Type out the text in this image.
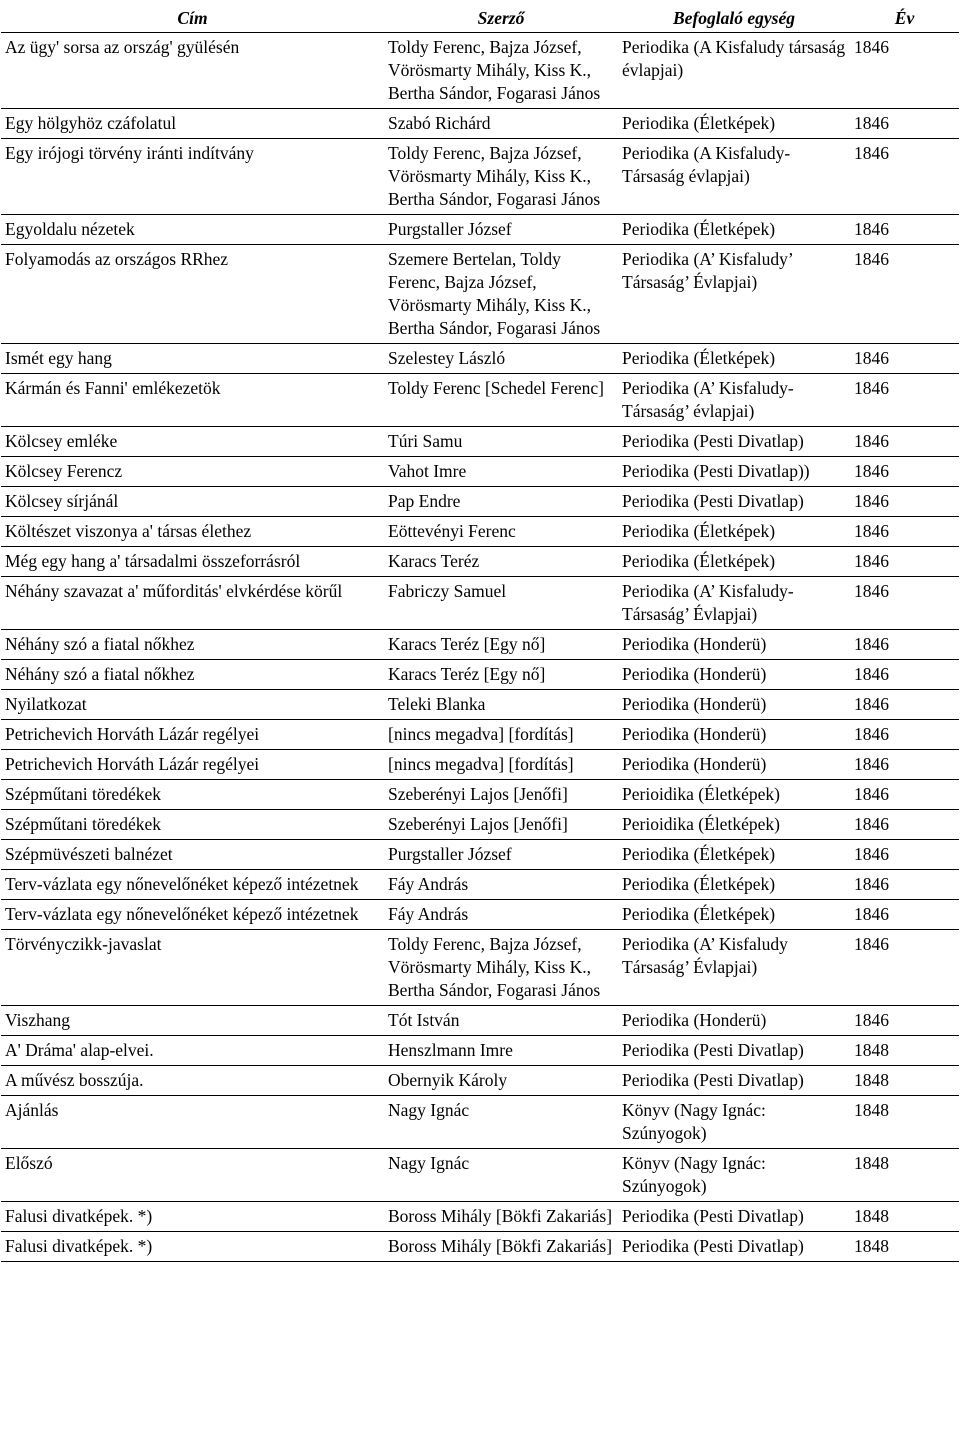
Cím	Szerző	Befoglaló egység	Év
Az ügy' sorsa az ország' gyülésén	Toldy Ferenc, Bajza József, Vörösmarty Mihály, Kiss K., Bertha Sándor, Fogarasi János	Periodika (A Kisfaludy társaság évlapjai)	1846
Egy hölgyhöz czáfolatul	Szabó Richárd	Periodika (Életképek)	1846
Egy irójogi törvény iránti indítvány	Toldy Ferenc, Bajza József, Vörösmarty Mihály, Kiss K., Bertha Sándor, Fogarasi János	Periodika (A Kisfaludy-Társaság évlapjai)	1846
Egyoldalu nézetek	Purgstaller József	Periodika (Életképek)	1846
Folyamodás az országos RRhez	Szemere Bertelan, Toldy Ferenc, Bajza József, Vörösmarty Mihály, Kiss K., Bertha Sándor, Fogarasi János	Periodika (A’ Kisfaludy’ Társaság’ Évlapjai)	1846
Ismét egy hang	Szelestey László	Periodika (Életképek)	1846
Kármán és Fanni' emlékezetök	Toldy Ferenc [Schedel Ferenc]	Periodika (A’ Kisfaludy-Társaság’ évlapjai)	1846
Kölcsey emléke	Túri Samu	Periodika (Pesti Divatlap)	1846
Kölcsey Ferencz	Vahot Imre	Periodika (Pesti Divatlap))	1846
Kölcsey sírjánál	Pap Endre	Periodika (Pesti Divatlap)	1846
Költészet viszonya a' társas élethez	Eöttevényi Ferenc	Periodika (Életképek)	1846
Még egy hang a' társadalmi összeforrásról	Karacs Teréz	Periodika (Életképek)	1846
Néhány szavazat a' műforditás' elvkérdése körűl	Fabriczy Samuel	Periodika (A’ Kisfaludy-Társaság’ Évlapjai)	1846
Néhány szó a fiatal nőkhez	Karacs Teréz [Egy nő]	Periodika (Honderü)	1846
Néhány szó a fiatal nőkhez	Karacs Teréz [Egy nő]	Periodika (Honderü)	1846
Nyilatkozat	Teleki Blanka	Periodika (Honderü)	1846
Petrichevich Horváth Lázár regélyei	[nincs megadva] [fordítás]	Periodika (Honderü)	1846
Petrichevich Horváth Lázár regélyei	[nincs megadva] [fordítás]	Periodika (Honderü)	1846
Szépműtani töredékek	Szeberényi Lajos [Jenőfi]	Perioidika (Életképek)	1846
Szépműtani töredékek	Szeberényi Lajos [Jenőfi]	Perioidika (Életképek)	1846
Szépmüvészeti balnézet	Purgstaller József	Periodika (Életképek)	1846
Terv-vázlata egy nőnevelőnéket képező intézetnek	Fáy András	Periodika (Életképek)	1846
Terv-vázlata egy nőnevelőnéket képező intézetnek	Fáy András	Periodika (Életképek)	1846
Törvényczikk-javaslat	Toldy Ferenc, Bajza József, Vörösmarty Mihály, Kiss K., Bertha Sándor, Fogarasi János	Periodika (A’ Kisfaludy Társaság’ Évlapjai)	1846
Viszhang	Tót István	Periodika (Honderü)	1846
A' Dráma' alap-elvei.	Henszlmann Imre	Periodika (Pesti Divatlap)	1848
A művész bosszúja.	Obernyik Károly	Periodika (Pesti Divatlap)	1848
Ajánlás	Nagy Ignác	Könyv (Nagy Ignác: Szúnyogok)	1848
Előszó	Nagy Ignác	Könyv (Nagy Ignác: Szúnyogok)	1848
Falusi divatképek. *)	Boross Mihály [Bökfi Zakariás]	Periodika (Pesti Divatlap)	1848
Falusi divatképek. *)	Boross Mihály [Bökfi Zakariás]	Periodika (Pesti Divatlap)	1848
